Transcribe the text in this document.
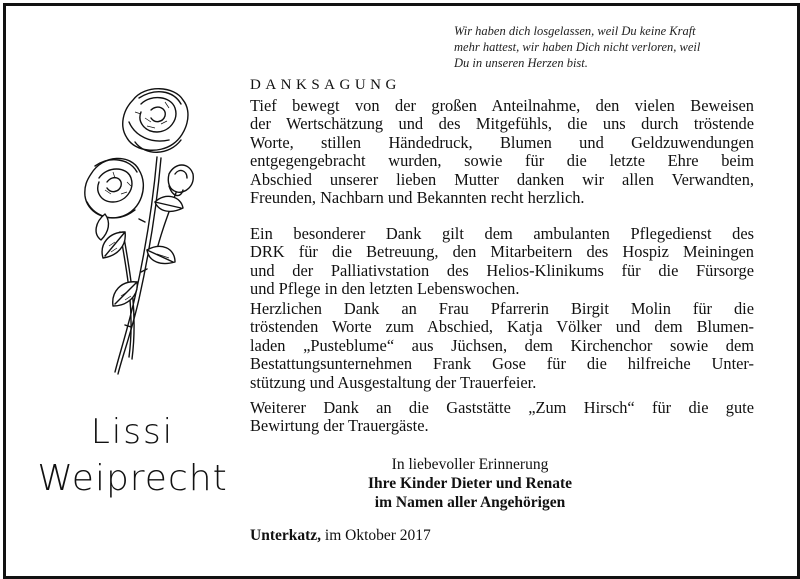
Wir haben dich losgelassen, weil Du keine Kraft
mehr hattest, wir haben Dich nicht verloren, weil
Du in unseren Herzen bist.
DANKSAGUNG
Tief bewegt von der großen Anteilnahme, den vielen Beweisen
der Wertschätzung und des Mitgefühls, die uns durch tröstende
Worte, stillen Händedruck, Blumen und Geldzuwendungen
entgegengebracht wurden, sowie für die letzte Ehre beim
Abschied unserer lieben Mutter danken wir allen Verwandten,
Freunden, Nachbarn und Bekannten recht herzlich.
Ein besonderer Dank gilt dem ambulanten Pflegedienst des
DRK für die Betreuung, den Mitarbeitern des Hospiz Meiningen
und der Palliativstation des Helios-Klinikums für die Fürsorge
und Pflege in den letzten Lebenswochen.
Herzlichen Dank an Frau Pfarrerin Birgit Molin für die
tröstenden Worte zum Abschied, Katja Völker und dem Blumen-
laden „Pusteblume“ aus Jüchsen, dem Kirchenchor sowie dem
Bestattungsunternehmen Frank Gose für die hilfreiche Unter-
stützung und Ausgestaltung der Trauerfeier.
Weiterer Dank an die Gaststätte „Zum Hirsch“ für die gute
Bewirtung der Trauergäste.
In liebevoller Erinnerung
Ihre Kinder Dieter und Renate
im Namen aller Angehörigen
Unterkatz, im Oktober 2017
Lissi
Weiprecht
